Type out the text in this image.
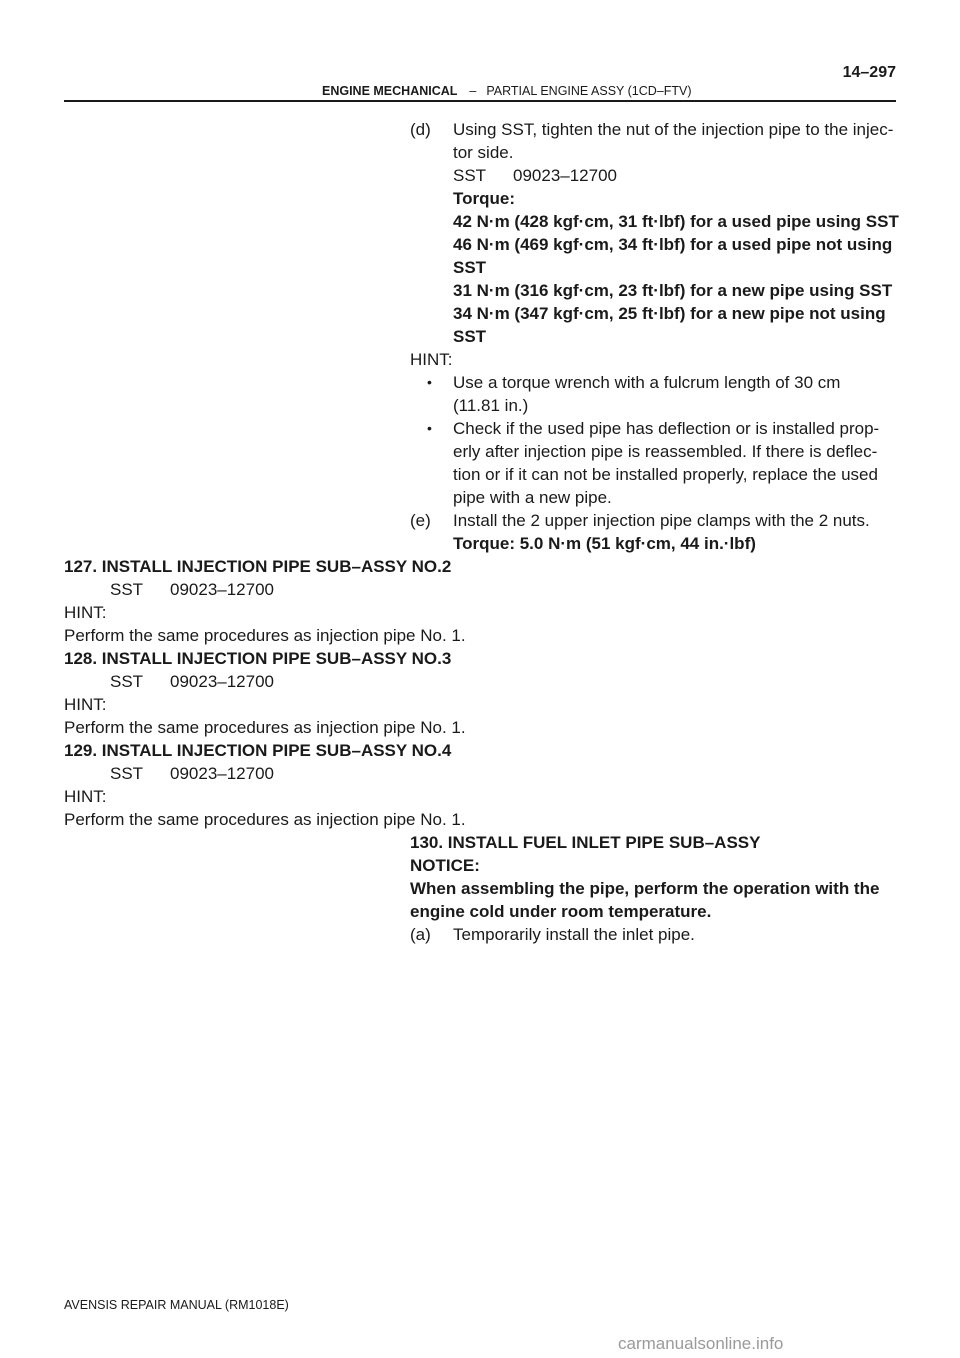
14–297
ENGINE MECHANICAL – PARTIAL ENGINE ASSY (1CD–FTV)
(d) Using SST, tighten the nut of the injection pipe to the injec-
tor side.
SST 09023–12700
Torque:
42 N·m (428 kgf·cm, 31 ft·lbf) for a used pipe using SST
46 N·m (469 kgf·cm, 34 ft·lbf) for a used pipe not using
SST
31 N·m (316 kgf·cm, 23 ft·lbf) for a new pipe using SST
34 N·m (347 kgf·cm, 25 ft·lbf) for a new pipe not using
SST
HINT:
• Use a torque wrench with a fulcrum length of 30 cm
(11.81 in.)
• Check if the used pipe has deflection or is installed prop-
erly after injection pipe is reassembled. If there is deflec-
tion or if it can not be installed properly, replace the used
pipe with a new pipe.
(e) Install the 2 upper injection pipe clamps with the 2 nuts.
Torque: 5.0 N·m (51 kgf·cm, 44 in.·lbf)
127. INSTALL INJECTION PIPE SUB–ASSY NO.2
SST 09023–12700
HINT:
Perform the same procedures as injection pipe No. 1.
128. INSTALL INJECTION PIPE SUB–ASSY NO.3
SST 09023–12700
HINT:
Perform the same procedures as injection pipe No. 1.
129. INSTALL INJECTION PIPE SUB–ASSY NO.4
SST 09023–12700
HINT:
Perform the same procedures as injection pipe No. 1.
130. INSTALL FUEL INLET PIPE SUB–ASSY
NOTICE:
When assembling the pipe, perform the operation with the
engine cold under room temperature.
(a) Temporarily install the inlet pipe.
AVENSIS REPAIR MANUAL (RM1018E)
carmanualsonline.info
